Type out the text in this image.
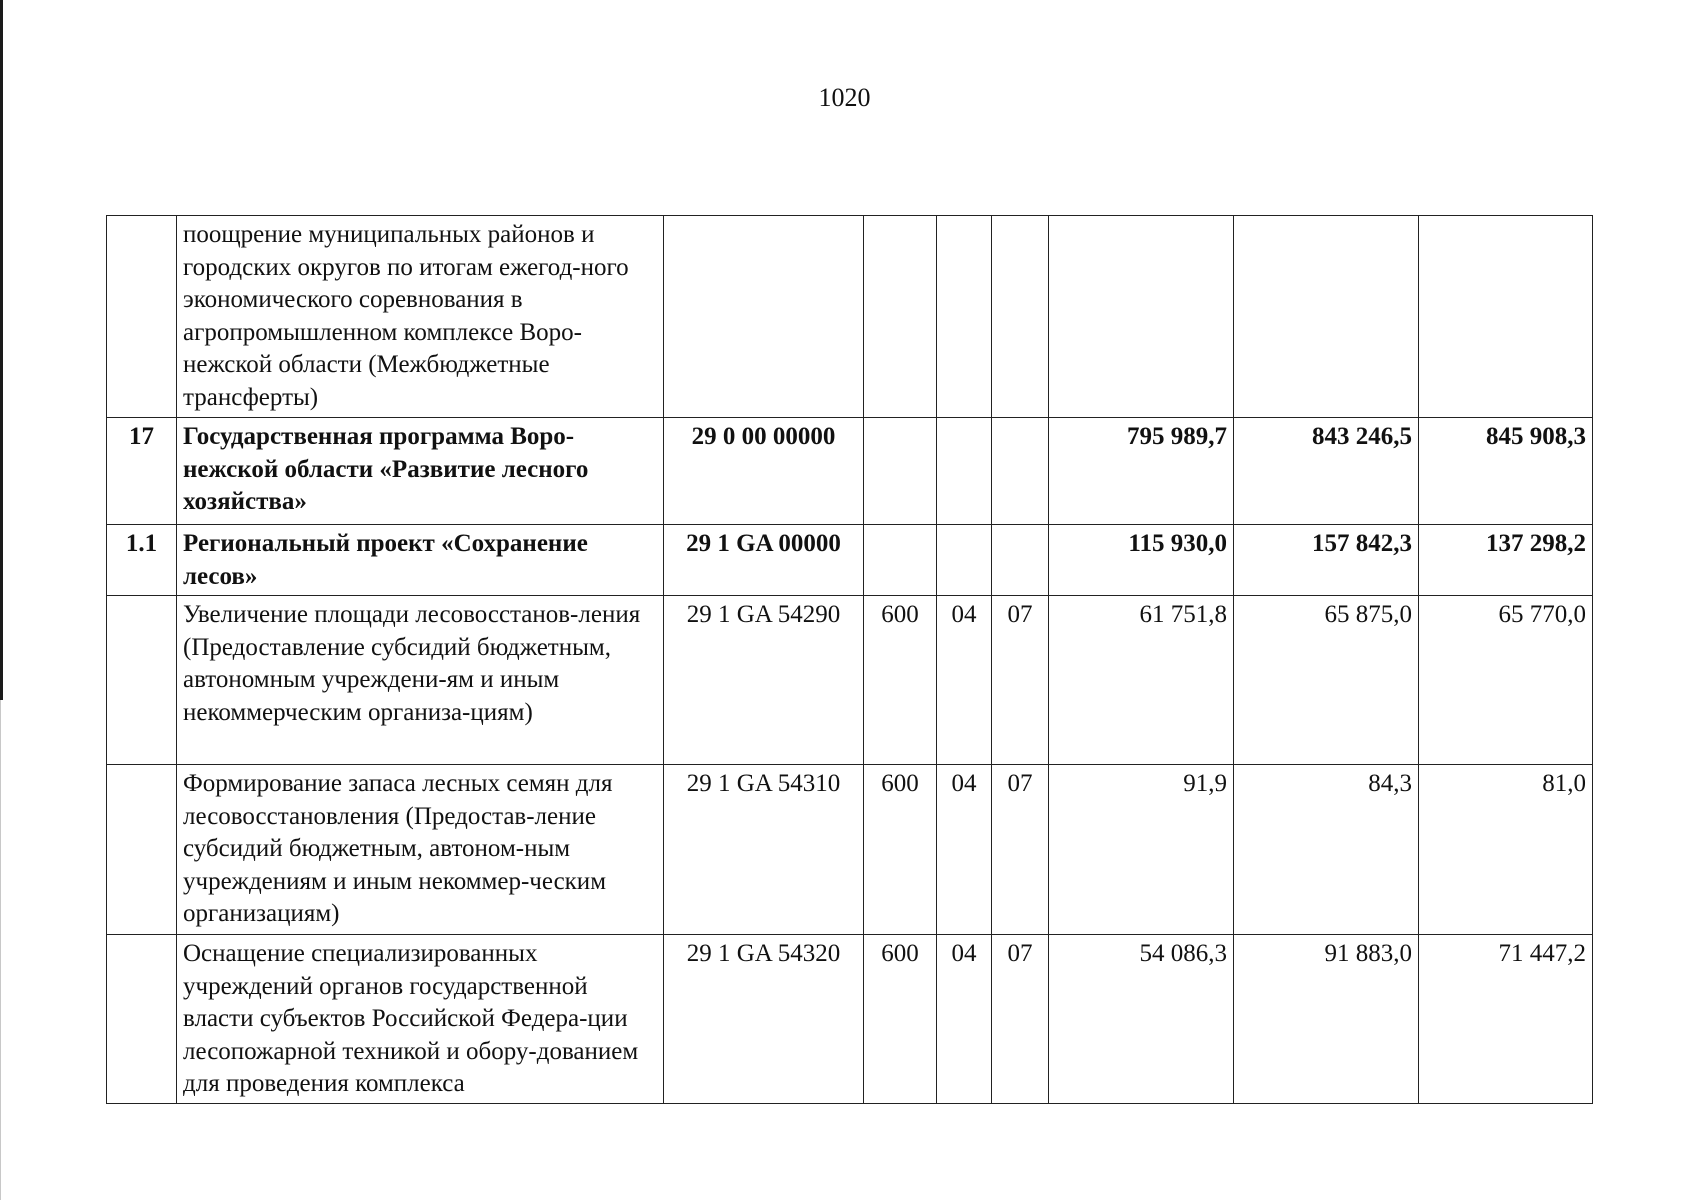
1020
	поощрение муниципальных районов и городских округов по итогам ежегод-ного экономического соревнования в агропромышленном комплексе Воро-нежской области (Межбюджетные трансферты)							
17	Государственная программа Воро-нежской области «Развитие лесного хозяйства»	29 0 00 00000				795 989,7	843 246,5	845 908,3
1.1	Региональный проект «Сохранение лесов»	29 1 GA 00000				115 930,0	157 842,3	137 298,2
	Увеличение площади лесовосстанов-ления (Предоставление субсидий бюджетным, автономным учреждени-ям и иным некоммерческим организа-циям)	29 1 GA 54290	600	04	07	61 751,8	65 875,0	65 770,0
	Формирование запаса лесных семян для лесовосстановления (Предостав-ление субсидий бюджетным, автоном-ным учреждениям и иным некоммер-ческим организациям)	29 1 GA 54310	600	04	07	91,9	84,3	81,0
	Оснащение специализированных учреждений органов государственной власти субъектов Российской Федера-ции лесопожарной техникой и обору-дованием для проведения комплекса	29 1 GA 54320	600	04	07	54 086,3	91 883,0	71 447,2
